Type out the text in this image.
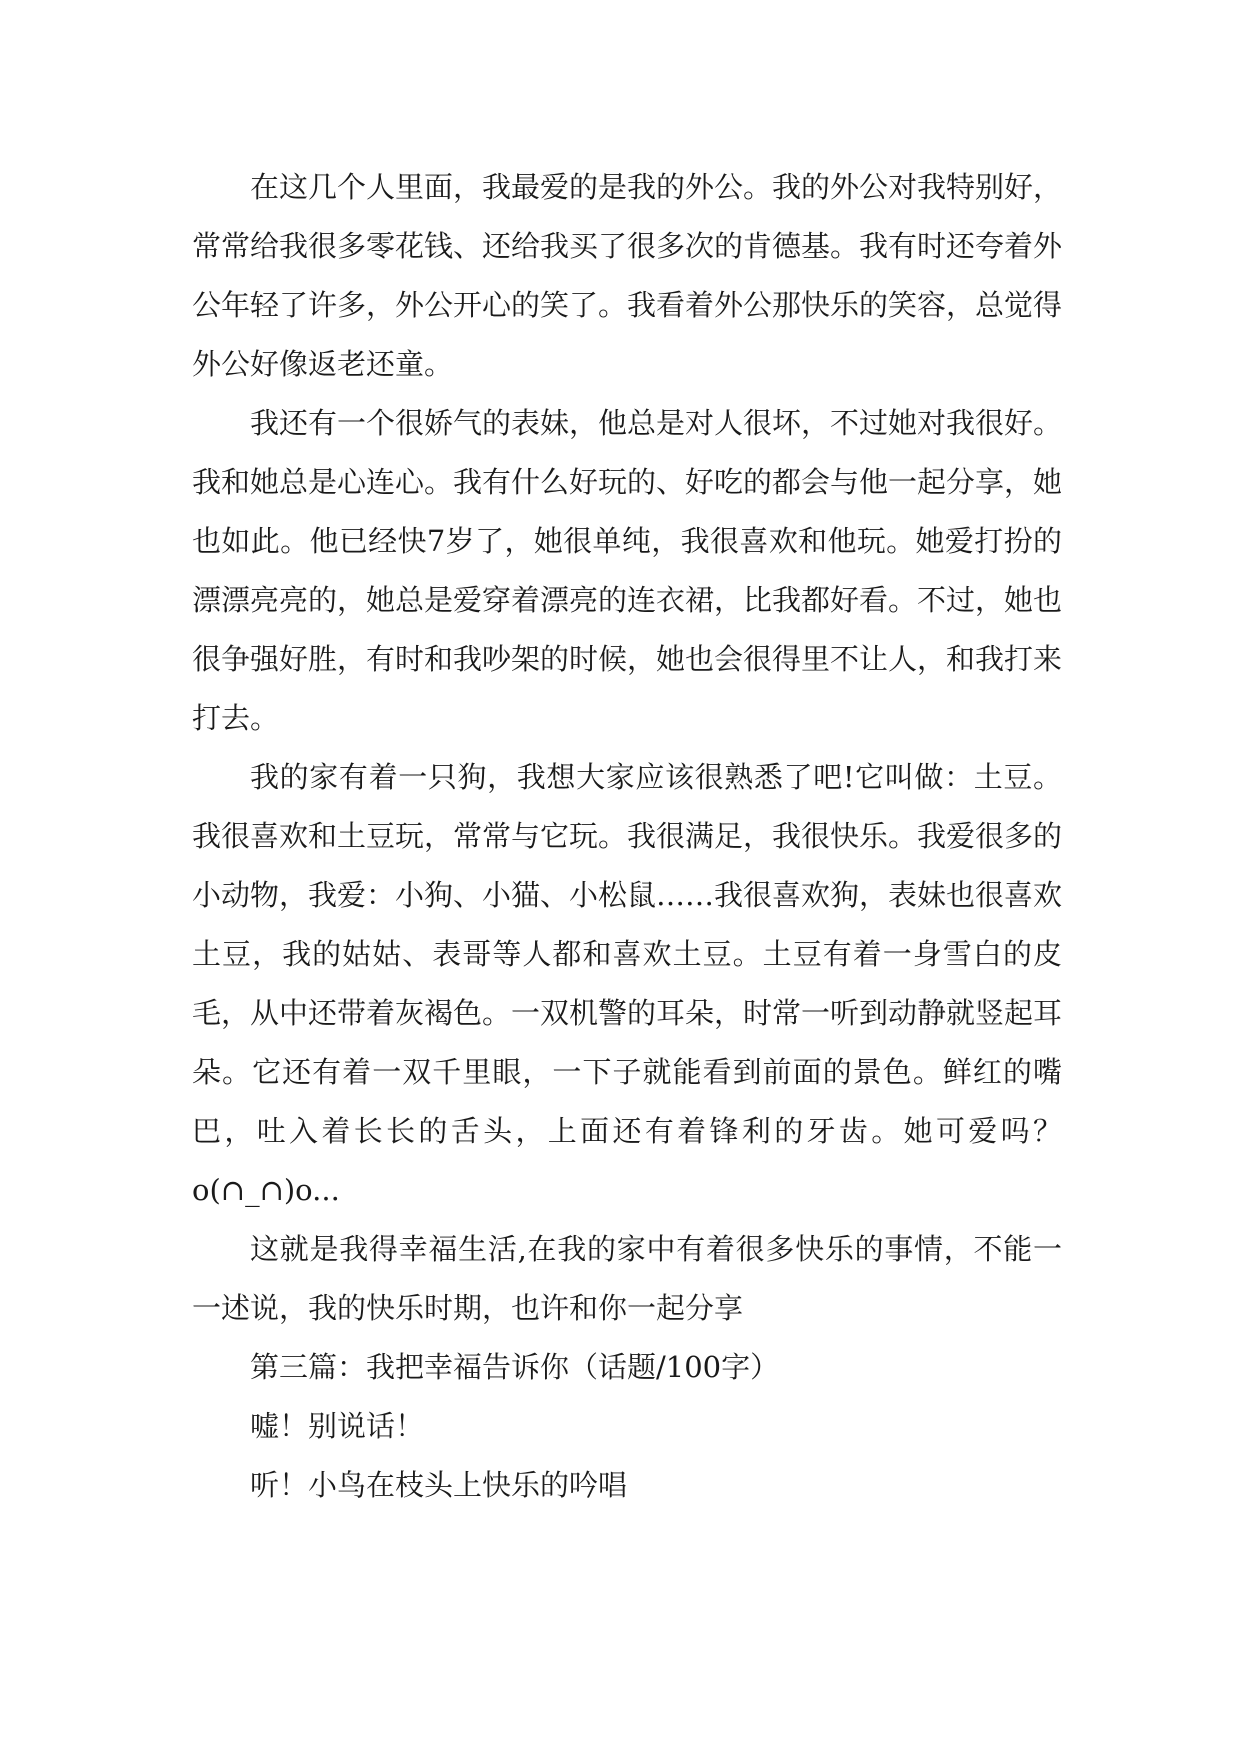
在这几个人里面，我最爱的是我的外公。我的外公对我特别好，常常给我很多零花钱、还给我买了很多次的肯德基。我有时还夸着外公年轻了许多，外公开心的笑了。我看着外公那快乐的笑容，总觉得外公好像返老还童。

我还有一个很娇气的表妹，他总是对人很坏，不过她对我很好。我和她总是心连心。我有什么好玩的、好吃的都会与他一起分享，她也如此。他已经快7岁了，她很单纯，我很喜欢和他玩。她爱打扮的漂漂亮亮的，她总是爱穿着漂亮的连衣裙，比我都好看。不过，她也很争强好胜，有时和我吵架的时候，她也会很得里不让人，和我打来打去。

我的家有着一只狗，我想大家应该很熟悉了吧!它叫做：土豆。我很喜欢和土豆玩，常常与它玩。我很满足，我很快乐。我爱很多的小动物，我爱：小狗、小猫、小松鼠……我很喜欢狗，表妹也很喜欢土豆，我的姑姑、表哥等人都和喜欢土豆。土豆有着一身雪白的皮毛，从中还带着灰褐色。一双机警的耳朵，时常一听到动静就竖起耳朵。它还有着一双千里眼，一下子就能看到前面的景色。鲜红的嘴巴，吐入着长长的舌头，上面还有着锋利的牙齿。她可爱吗？o(∩_∩)o...

这就是我得幸福生活,在我的家中有着很多快乐的事情，不能一一述说，我的快乐时期，也许和你一起分享

第三篇：我把幸福告诉你（话题/100字）

嘘！别说话！

听！小鸟在枝头上快乐的吟唱
